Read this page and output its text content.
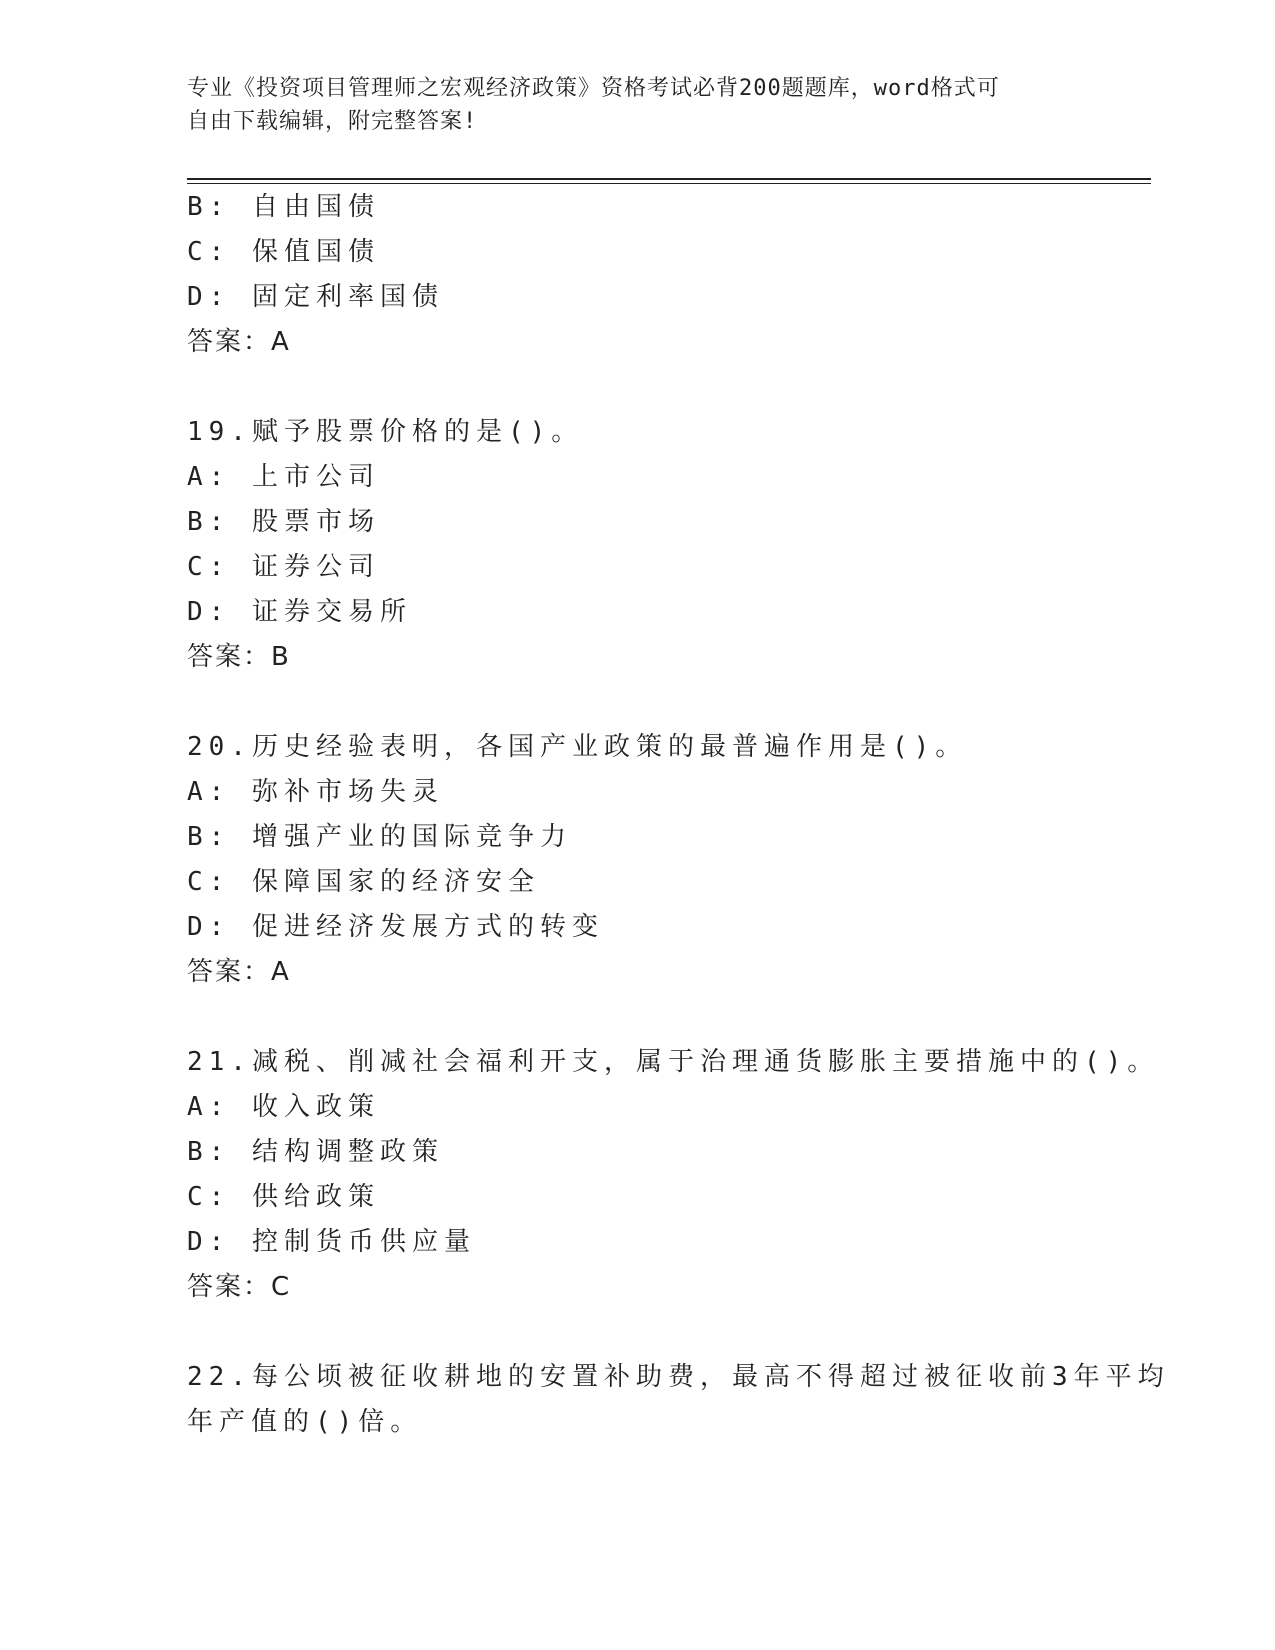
专业《投资项目管理师之宏观经济政策》资格考试必背200题题库，word格式可
自由下载编辑，附完整答案!
B: 自由国债
C: 保值国债
D: 固定利率国债
答案：A
19.赋予股票价格的是()。
A: 上市公司
B: 股票市场
C: 证券公司
D: 证券交易所
答案：B
20.历史经验表明，各国产业政策的最普遍作用是()。
A: 弥补市场失灵
B: 增强产业的国际竞争力
C: 保障国家的经济安全
D: 促进经济发展方式的转变
答案：A
21.减税、削减社会福利开支，属于治理通货膨胀主要措施中的()。
A: 收入政策
B: 结构调整政策
C: 供给政策
D: 控制货币供应量
答案：C
22.每公顷被征收耕地的安置补助费，最高不得超过被征收前3年平均
年产值的()倍。
